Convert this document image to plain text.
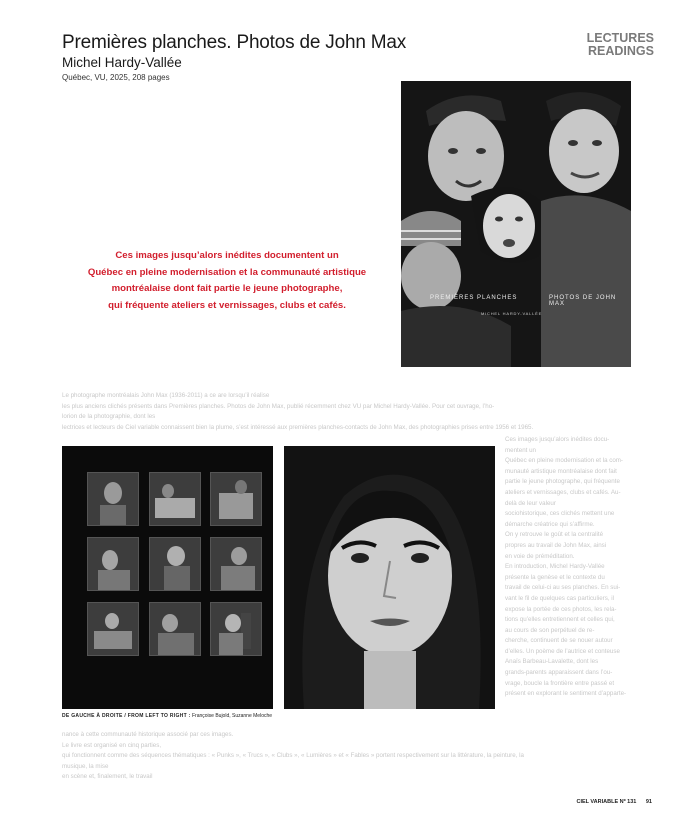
Premières planches. Photos de John Max
Michel Hardy-Vallée
Québec, VU, 2025, 208 pages
LECTURES
READINGS
Ces images jusqu’alors inédites documentent un
Québec en pleine modernisation et la communauté artistique
montréalaise dont fait partie le jeune photographe,
qui fréquente ateliers et vernissages, clubs et cafés.
PREMIÈRES PLANCHES	PHOTOS DE JOHN MAX
MICHEL HARDY-VALLÉE

Le photographe montréalais John Max (1936-2011) a ce are lorsqu’il réalise

les plus anciens clichés présents dans Premières planches. Photos de John Max, publié récemment chez VU par Michel Hardy-Vallée. Pour cet ouvrage, l’ho-

lorion de la photographie, dont les

lectrices et lecteurs de Ciel variable connaissent bien la plume, s’est intéressé aux premières planches-contacts de John Max, des photographies prises entre 1956 et 1965.

Ces images jusqu’alors inédites docu-

mentent un

Québec en pleine modernisation et la com-

munauté artistique montréalaise dont fait

partie le jeune photographe, qui fréquente

ateliers et vernissages, clubs et cafés. Au-

delà de leur valeur

sociohistorique, ces clichés mettent une

démarche créatrice qui s’affirme.

On y retrouve le goût et la centralité

propres au travail de John Max, ainsi

en voie de préméditation.

En introduction, Michel Hardy-Vallée

présente la genèse et le contexte du

travail de celui-ci au ses planches. En sui-

vant le fil de quelques cas particuliers, il

expose la portée de ces photos, les rela-

tions qu’elles entretiennent et celles qui,

au cours de son perpétuel de re-

cherche, continuent de se nouer autour

d’elles. Un poème de l’autrice et conteuse

Anaïs Barbeau-Lavalette, dont les

grands-parents apparaissent dans l’ou-

vrage, boucle la frontière entre passé et

présent en explorant le sentiment d’apparte-

DE GAUCHE À DROITE / FROM LEFT TO RIGHT : Françoise Bujold, Suzanne Meloche

nance à cette communauté historique associé par ces images.

Le livre est organisé en cinq parties,

qui fonctionnent comme des séquences thématiques : « Punks », « Trucs », « Clubs », « Lumières » et « Fables » portent respectivement sur la littérature, la peinture, la

musique, la mise

en scène et, finalement, le travail

CIEL VARIABLE Nº 131 91
